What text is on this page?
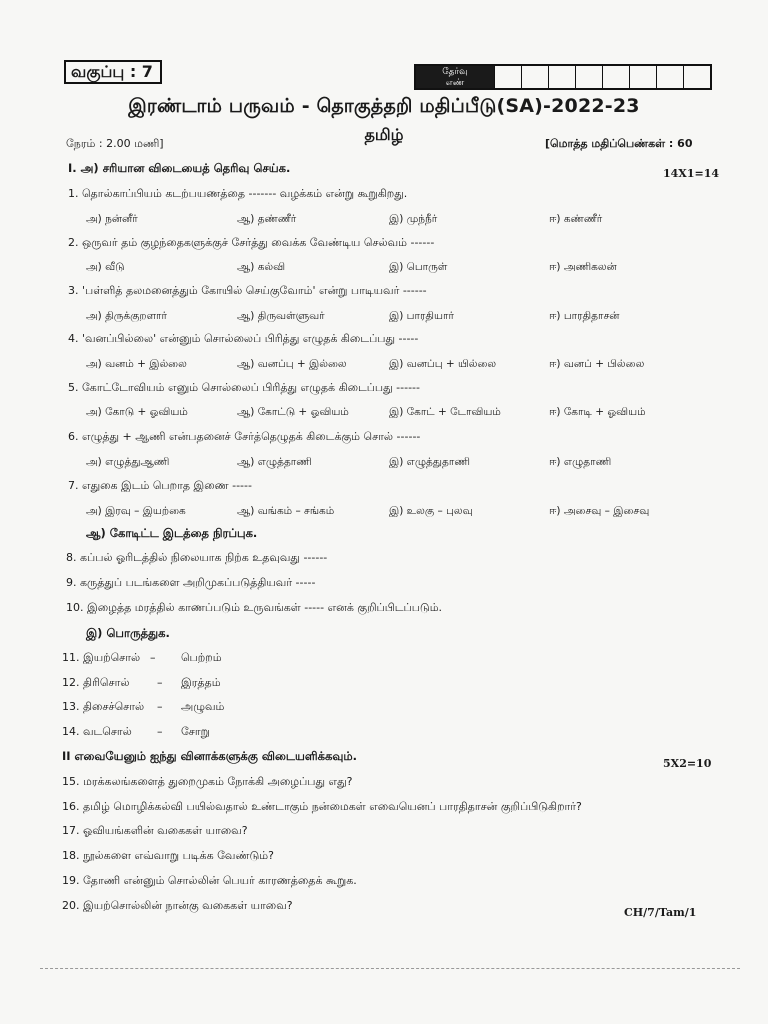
வகுப்பு : 7	தேர்வு
எண்
இரண்டாம் பருவம் - தொகுத்தறி மதிப்பீடு(SA)-2022-23
தமிழ்
நேரம் : 2.00 மணி]	[மொத்த மதிப்பெண்கள் : 60
I. அ) சரியான விடையைத் தெரிவு செய்க.	14X1=14
1. தொல்காப்பியம் கடற்பயணத்தை ------- வழக்கம் என்று கூறுகிறது.
அ) நன்னீர்	ஆ) தண்ணீர்	இ) முந்நீர்	ஈ) கண்ணீர்
2. ஒருவர் தம் குழந்தைகளுக்குச் சேர்த்து வைக்க வேண்டிய செல்வம் ------
அ) வீடு	ஆ) கல்வி	இ) பொருள்	ஈ) அணிகலன்
3. 'பள்ளித் தலமனைத்தும் கோயில் செய்குவோம்' என்று பாடியவர் ------
அ) திருக்குறளார்	ஆ) திருவள்ளுவர்	இ) பாரதியார்	ஈ) பாரதிதாசன்
4. 'வனப்பில்லை' என்னும் சொல்லைப் பிரித்து எழுதக் கிடைப்பது -----
அ) வனம் + இல்லை	ஆ) வனப்பு + இல்லை	இ) வனப்பு + யில்லை	ஈ) வனப் + பில்லை
5. கோட்டோவியம் எனும் சொல்லைப் பிரித்து எழுதக் கிடைப்பது ------
அ) கோடு + ஓவியம்	ஆ) கோட்டு + ஓவியம்	இ) கோட் + டோவியம்	ஈ) கோடி + ஓவியம்
6. எழுத்து + ஆணி என்பதனைச் சேர்த்தெழுதக் கிடைக்கும் சொல் ------
அ) எழுத்துஆணி	ஆ) எழுத்தாணி	இ) எழுத்துதாணி	ஈ) எழுதாணி
7. எதுகை இடம் பெறாத இணை -----
அ) இரவு – இயற்கை	ஆ) வங்கம் – சங்கம்	இ) உலகு – புலவு	ஈ) அசைவு – இசைவு
ஆ) கோடிட்ட இடத்தை நிரப்புக.
8. கப்பல் ஓரிடத்தில் நிலையாக நிற்க உதவுவது ------
9. கருத்துப் படங்களை அறிமுகப்படுத்தியவர் -----
10. இழைத்த மரத்தில் காணப்படும் உருவங்கள் ----- எனக் குறிப்பிடப்படும்.
இ) பொருத்துக.
11. இயற்சொல் – பெற்றம்
12. திரிசொல்	– இரத்தம்
13. திசைச்சொல் – அழுவம்
14. வடசொல் – சோறு
II எவையேனும் ஐந்து வினாக்களுக்கு விடையளிக்கவும்.
5X2=10
15. மரக்கலங்களைத் துறைமுகம் நோக்கி அழைப்பது எது?
16. தமிழ் மொழிக்கல்வி பயில்வதால் உண்டாகும் நன்மைகள் எவையெனப் பாரதிதாசன் குறிப்பிடுகிறார்?
17. ஓவியங்களின் வகைகள் யாவை?
18. நூல்களை எவ்வாறு படிக்க வேண்டும்?
19. தோணி என்னும் சொல்லின் பெயர் காரணத்தைக் கூறுக.
20. இயற்சொல்லின் நான்கு வகைகள் யாவை?
CH/7/Tam/1
